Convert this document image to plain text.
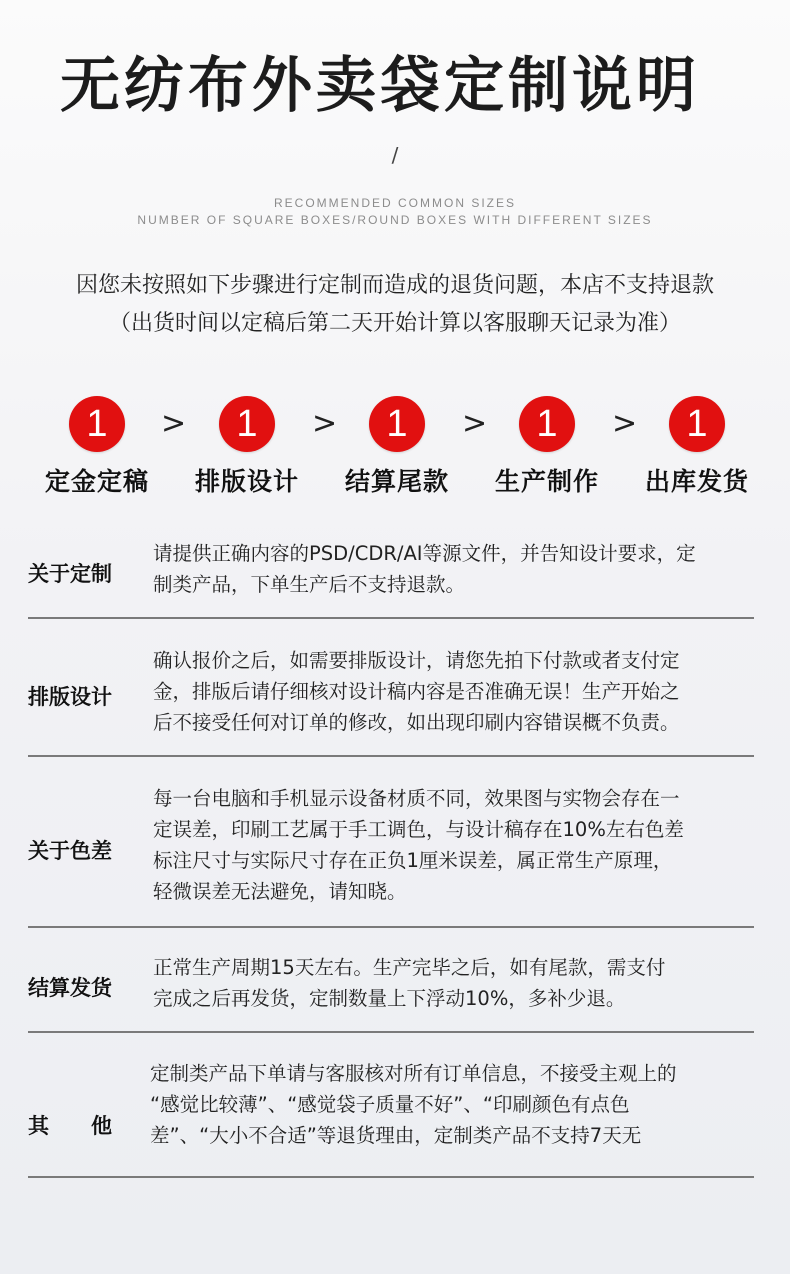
无纺布外卖袋定制说明
/
RECOMMENDED COMMON SIZES
NUMBER OF SQUARE BOXES/ROUND BOXES WITH DIFFERENT SIZES
因您未按照如下步骤进行定制而造成的退货问题，本店不支持退款
（出货时间以定稿后第二天开始计算以客服聊天记录为准）
1
定金定稿
>	1
排版设计
>	1
结算尾款
>	1
生产制作
>	1
出库发货
关于定制
请提供正确内容的PSD/CDR/AI等源文件，并告知设计要求，定
制类产品，下单生产后不支持退款。
排版设计
确认报价之后，如需要排版设计，请您先拍下付款或者支付定
金，排版后请仔细核对设计稿内容是否准确无误！生产开始之
后不接受任何对订单的修改，如出现印刷内容错误概不负责。
关于色差
每一台电脑和手机显示设备材质不同，效果图与实物会存在一
定误差，印刷工艺属于手工调色，与设计稿存在10%左右色差
标注尺寸与实际尺寸存在正负1厘米误差，属正常生产原理，
轻微误差无法避免，请知晓。
结算发货
正常生产周期15天左右。生产完毕之后，如有尾款，需支付
完成之后再发货，定制数量上下浮动10%，多补少退。
其　　他
定制类产品下单请与客服核对所有订单信息，不接受主观上的
“感觉比较薄”、“感觉袋子质量不好”、“印刷颜色有点色
差”、“大小不合适”等退货理由，定制类产品不支持7天无
